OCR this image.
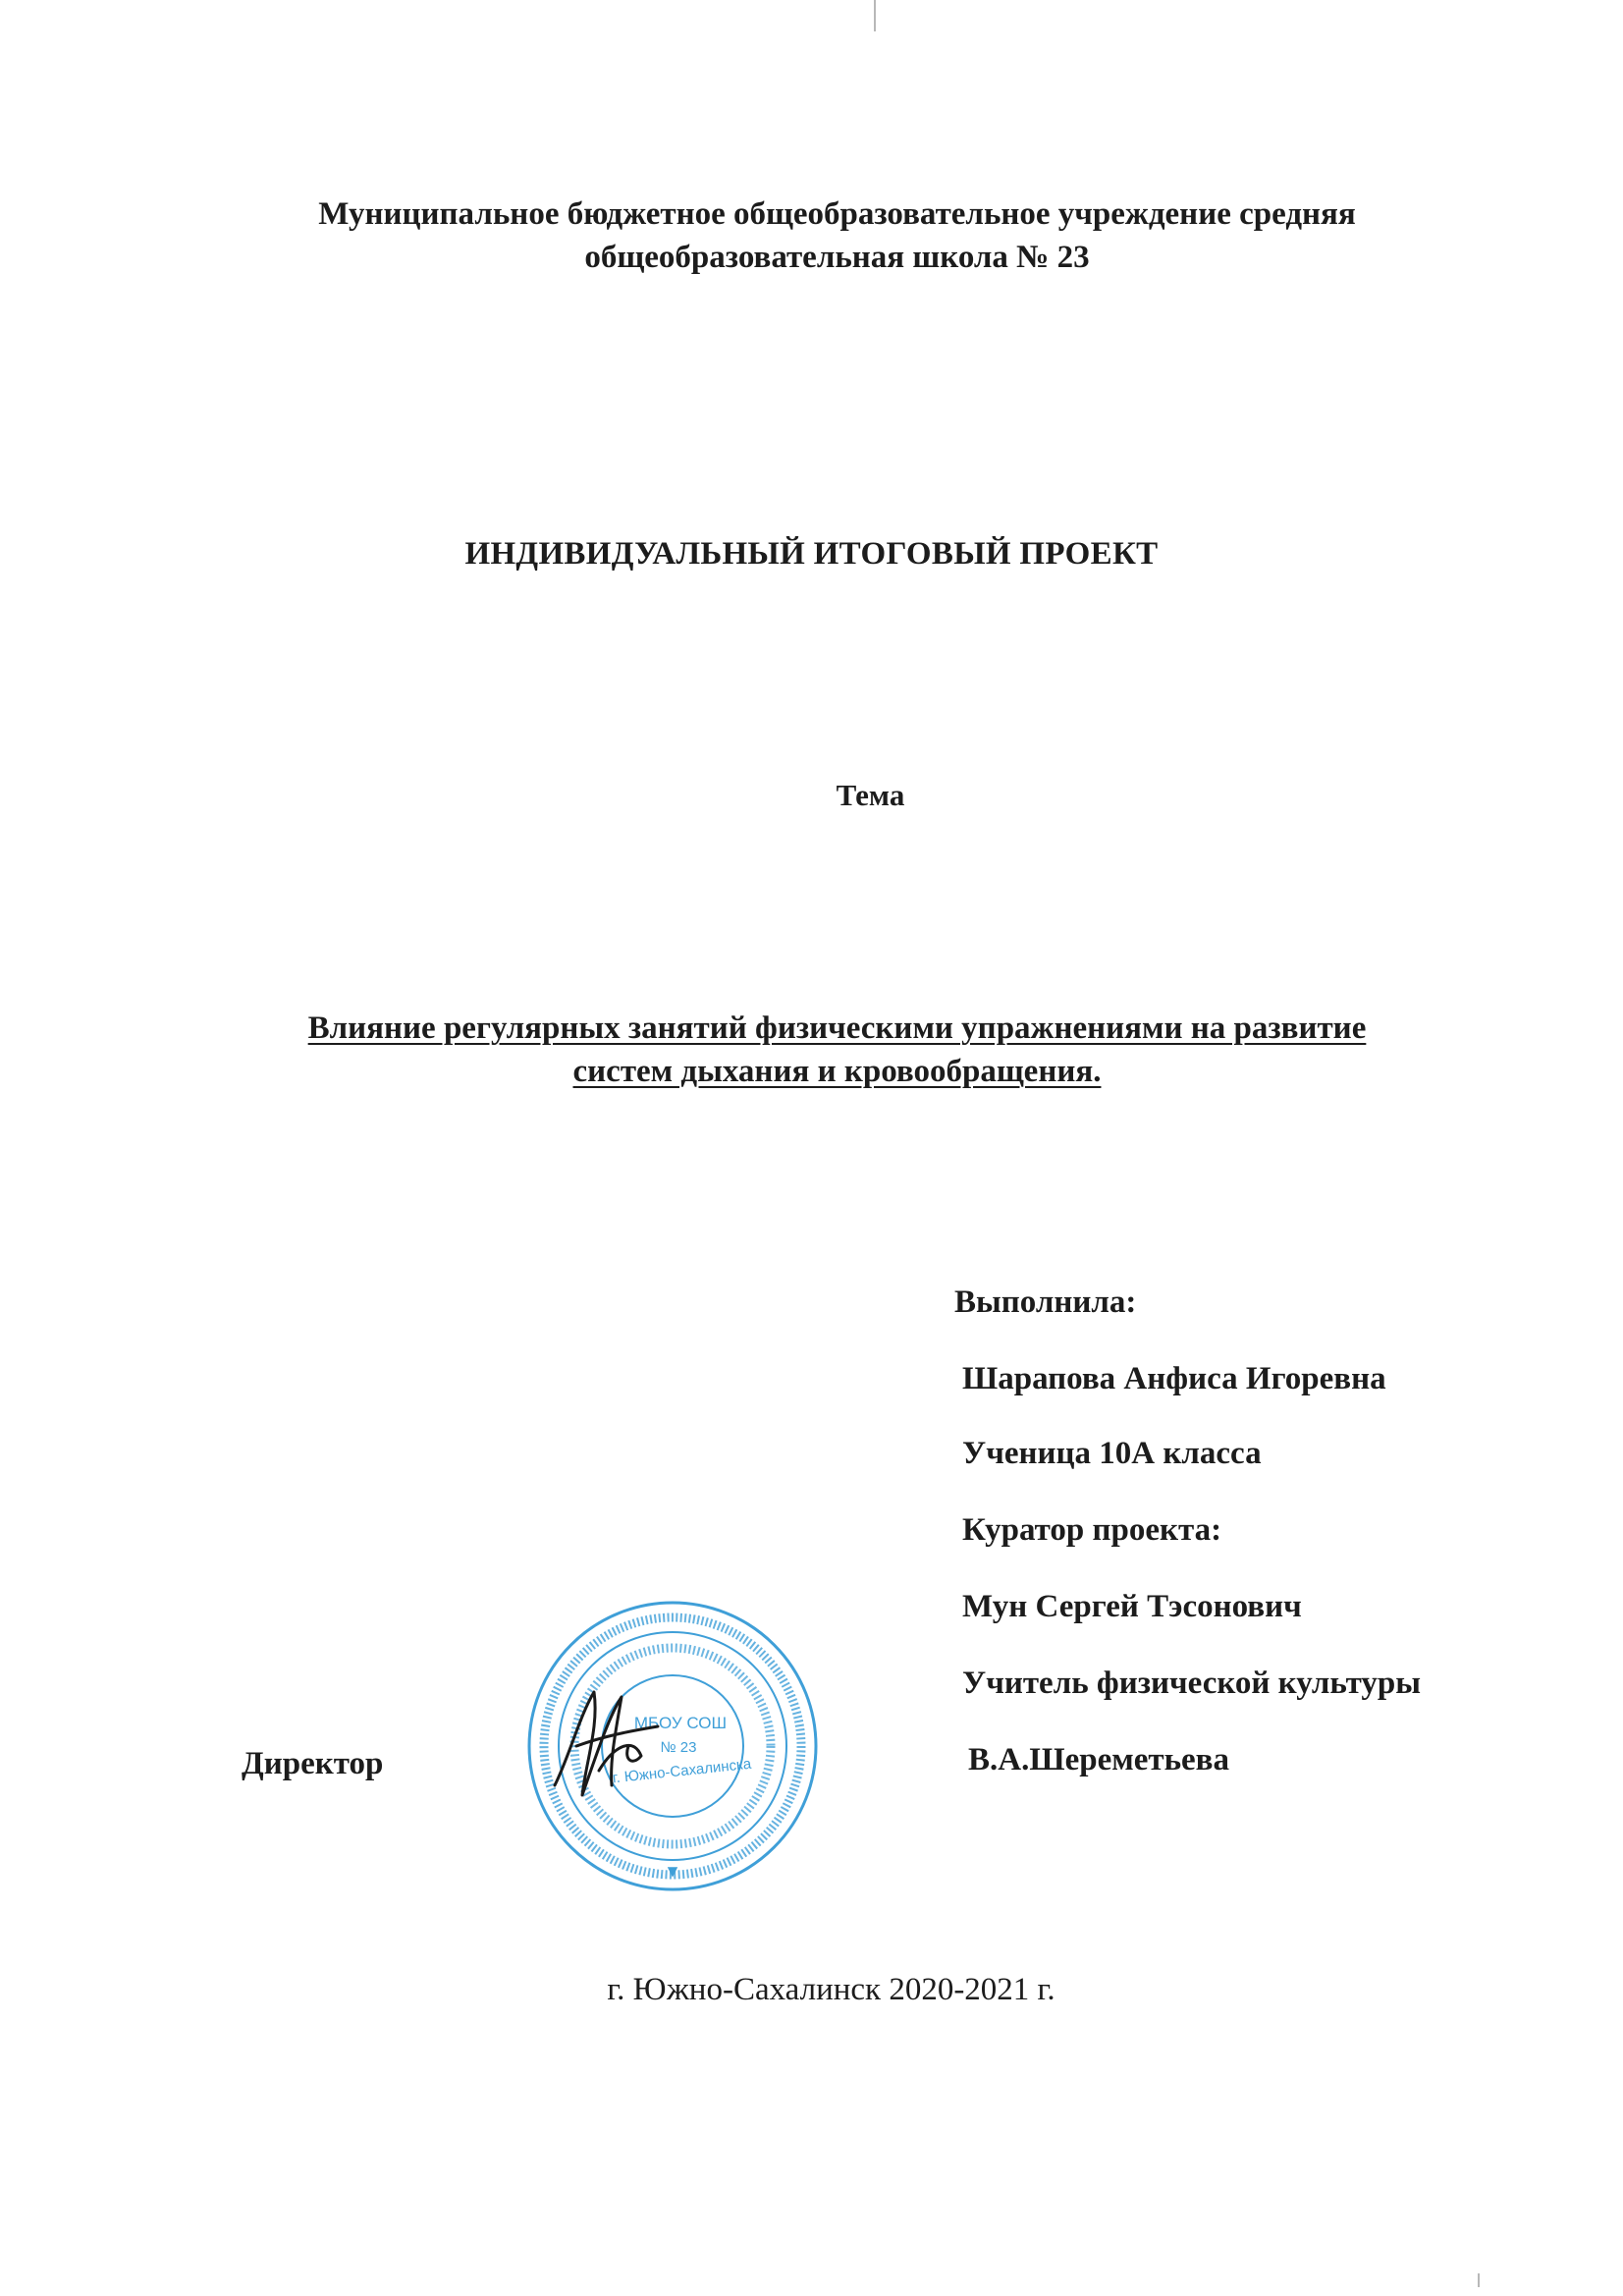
Муниципальное бюджетное общеобразовательное учреждение средняя
общеобразовательная школа № 23
ИНДИВИДУАЛЬНЫЙ ИТОГОВЫЙ ПРОЕКТ
Тема
Влияние регулярных занятий физическими упражнениями на развитие
систем дыхания и кровообращения.
Выполнила:
Шарапова Анфиса Игоревна
Ученица 10А класса
Куратор проекта:
Мун Сергей Тэсонович
Учитель физической культуры
В.А.Шереметьева
Директор
МБОУ СОШ
№ 23
г. Южно-Сахалинска
г. Южно-Сахалинск 2020-2021 г.
